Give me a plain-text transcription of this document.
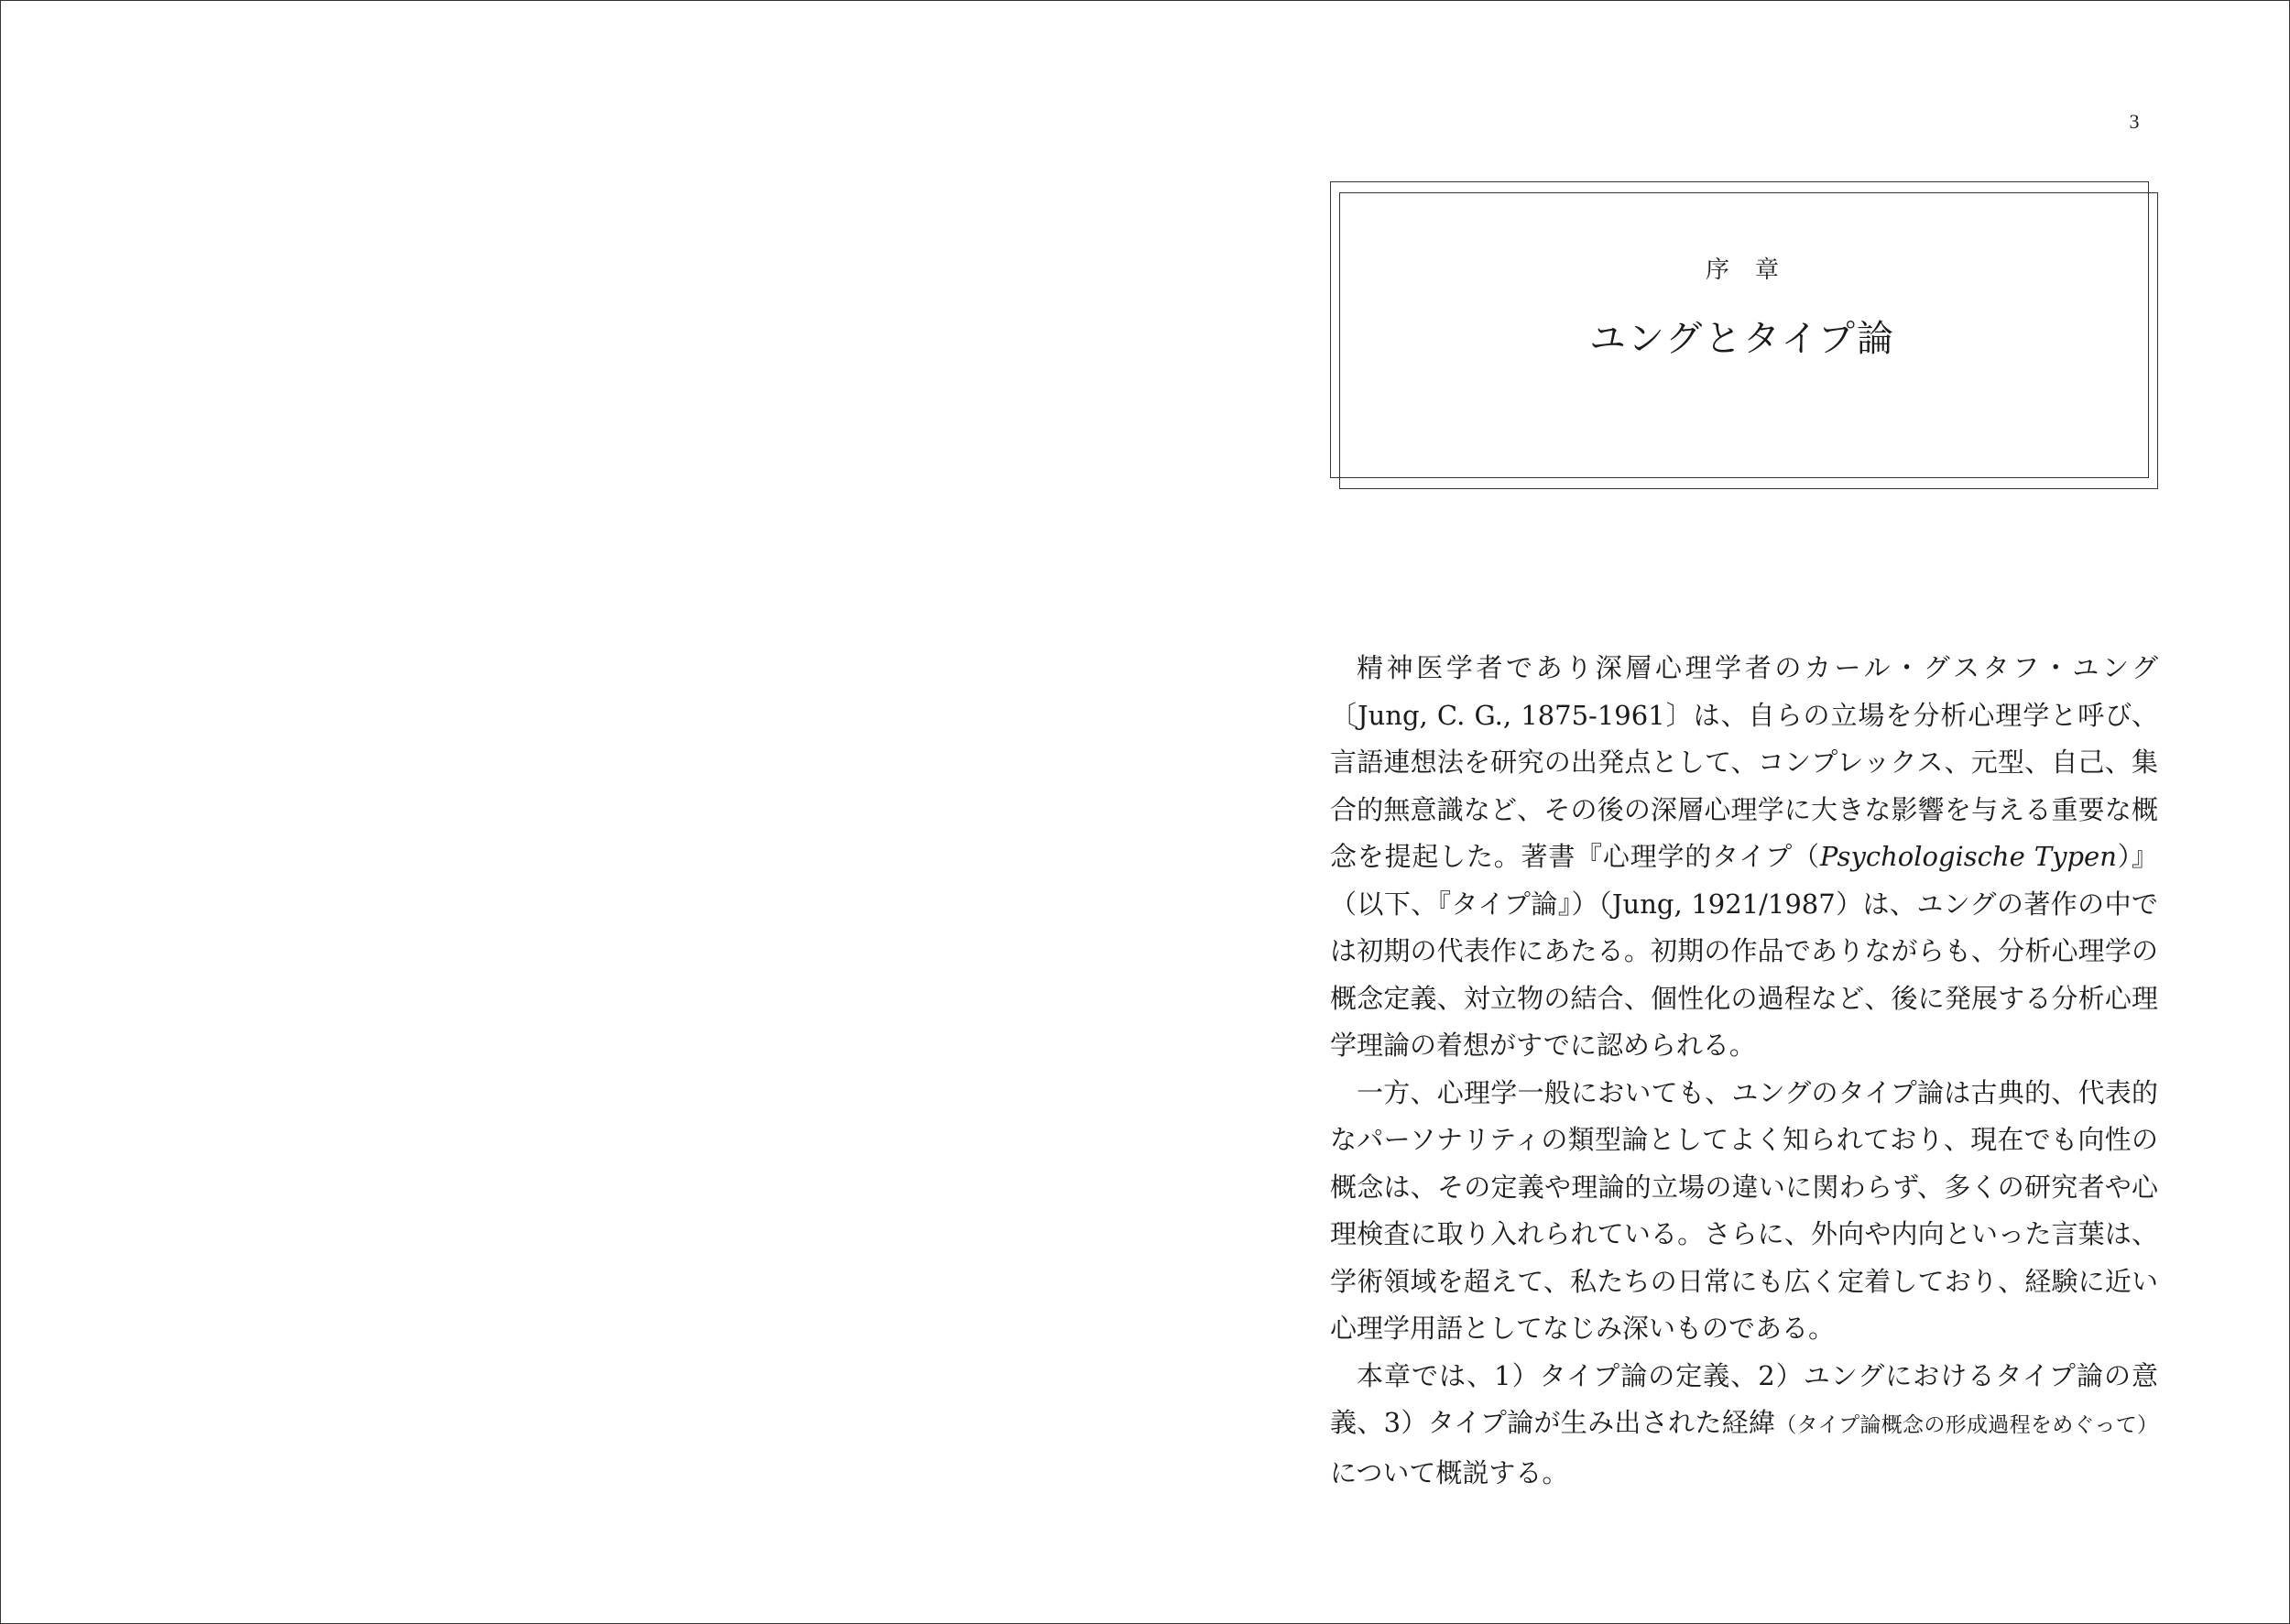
3
序章
ユングとタイプ論

精神医学者であり深層心理学者のカール・グスタフ・ユング〔Jung, C. G., 1875-1961〕は、自らの立場を分析心理学と呼び、言語連想法を研究の出発点として、コンプレックス、元型、自己、集合的無意識など、その後の深層心理学に大きな影響を与える重要な概念を提起した。著書『心理学的タイプ（Psychologische Typen）』（以下、『タイプ論』）（Jung, 1921/1987）は、ユングの著作の中では初期の代表作にあたる。初期の作品でありながらも、分析心理学の概念定義、対立物の結合、個性化の過程など、後に発展する分析心理学理論の着想がすでに認められる。

一方、心理学一般においても、ユングのタイプ論は古典的、代表的なパーソナリティの類型論としてよく知られており、現在でも向性の概念は、その定義や理論的立場の違いに関わらず、多くの研究者や心理検査に取り入れられている。さらに、外向や内向といった言葉は、学術領域を超えて、私たちの日常にも広く定着しており、経験に近い心理学用語としてなじみ深いものである。

本章では、1）タイプ論の定義、2）ユングにおけるタイプ論の意義、3）タイプ論が生み出された経緯（タイプ論概念の形成過程をめぐって）について概説する。
